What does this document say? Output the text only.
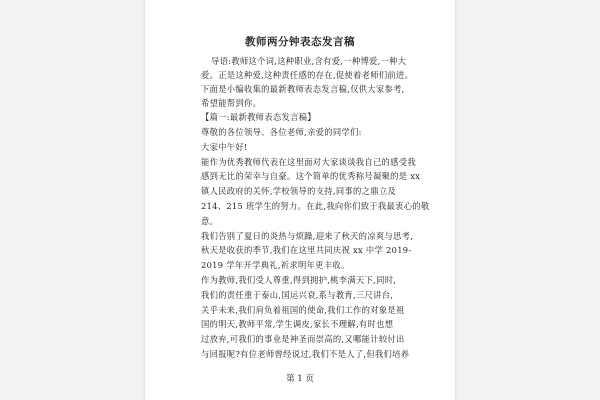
教师两分钟表态发言稿
导语:教师这个词,这种职业,含有爱,一种博爱,一种大
爱。正是这种爱,这种责任感的存在,促使着老师们前进。
下面是小编收集的最新教师表态发言稿,仅供大家参考,
希望能帮到你。
【篇一:最新教师表态发言稿】
尊敬的各位领导、各位老师,亲爱的同学们:
大家中午好!
能作为优秀教师代表在这里面对大家谈谈我自己的感受我
感到无比的荣幸与自豪。这个简单的优秀称号凝聚的是 xx
镇人民政府的关怀,学校领导的支持,同事的之鼎立及
214、215 班学生的努力。在此,我向你们致于我最衷心的敬
意。
我们告别了夏日的炎热与烦躁,迎来了秋天的凉爽与思考,
秋天是收获的季节,我们在这里共同庆祝 xx 中学 2019-
2019 学年开学典礼,祈求明年更丰收。
作为教师,我们受人尊重,得到拥护,桃李满天下,同时,
我们的责任重于泰山,国运兴衰,系与教育,三尺讲台,
关乎未来,我们肩负着祖国的使命,我们工作的对象是祖
国的明天,教师平常,学生调皮,家长不理解,有时也想
过放弃,可我们的事业是神圣而崇高的,又哪能计较付出
与回报呢?有位老师曾经说过,我们不是人了,但我们培养
第 1 页
